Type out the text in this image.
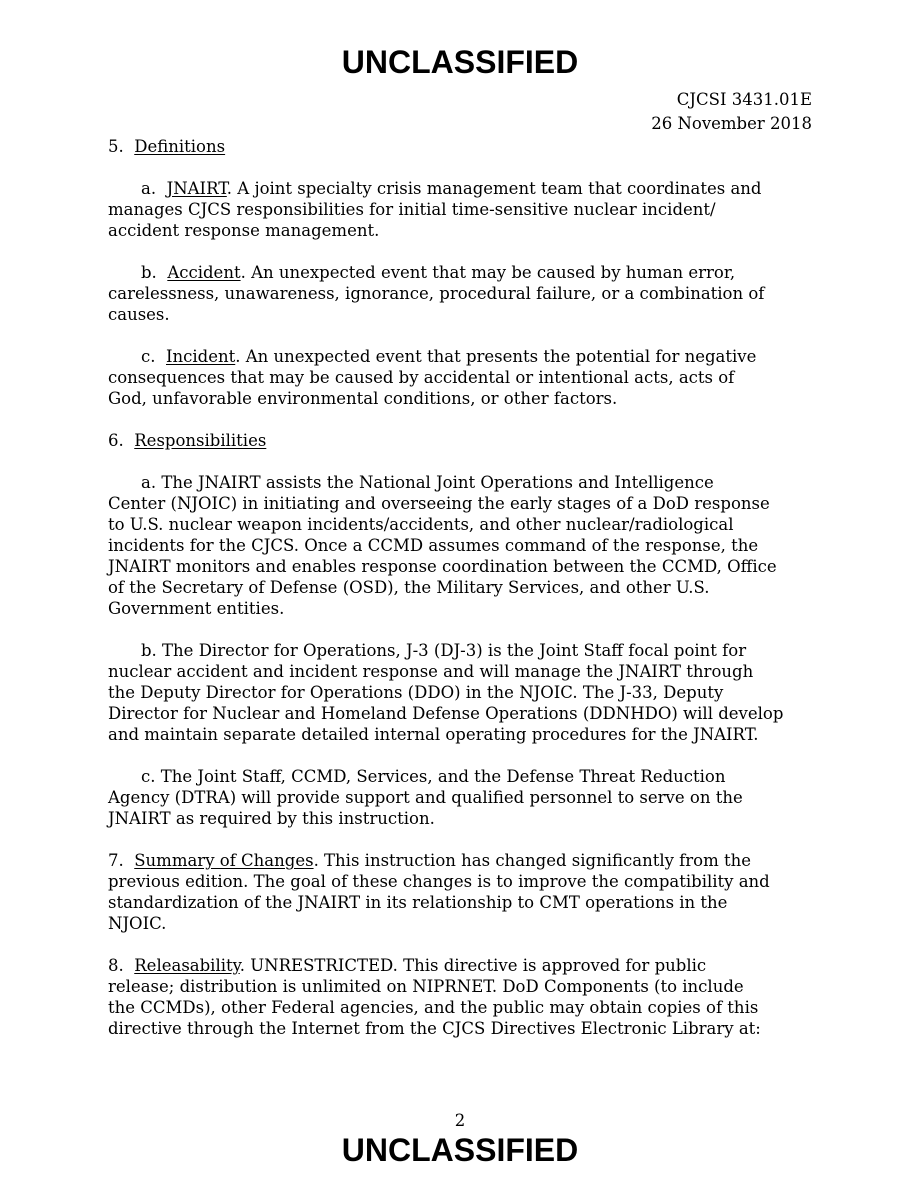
UNCLASSIFIED
CJCSI 3431.01E
26 November 2018
5. Definitions
a. JNAIRT. A joint specialty crisis management team that coordinates and
manages CJCS responsibilities for initial time-sensitive nuclear incident/
accident response management.
b. Accident. An unexpected event that may be caused by human error,
carelessness, unawareness, ignorance, procedural failure, or a combination of
causes.
c. Incident. An unexpected event that presents the potential for negative
consequences that may be caused by accidental or intentional acts, acts of
God, unfavorable environmental conditions, or other factors.
6. Responsibilities
a. The JNAIRT assists the National Joint Operations and Intelligence
Center (NJOIC) in initiating and overseeing the early stages of a DoD response
to U.S. nuclear weapon incidents/accidents, and other nuclear/radiological
incidents for the CJCS. Once a CCMD assumes command of the response, the
JNAIRT monitors and enables response coordination between the CCMD, Office
of the Secretary of Defense (OSD), the Military Services, and other U.S.
Government entities.
b. The Director for Operations, J-3 (DJ-3) is the Joint Staff focal point for
nuclear accident and incident response and will manage the JNAIRT through
the Deputy Director for Operations (DDO) in the NJOIC. The J-33, Deputy
Director for Nuclear and Homeland Defense Operations (DDNHDO) will develop
and maintain separate detailed internal operating procedures for the JNAIRT.
c. The Joint Staff, CCMD, Services, and the Defense Threat Reduction
Agency (DTRA) will provide support and qualified personnel to serve on the
JNAIRT as required by this instruction.
7. Summary of Changes. This instruction has changed significantly from the
previous edition. The goal of these changes is to improve the compatibility and
standardization of the JNAIRT in its relationship to CMT operations in the
NJOIC.
8. Releasability. UNRESTRICTED. This directive is approved for public
release; distribution is unlimited on NIPRNET. DoD Components (to include
the CCMDs), other Federal agencies, and the public may obtain copies of this
directive through the Internet from the CJCS Directives Electronic Library at:
2
UNCLASSIFIED
